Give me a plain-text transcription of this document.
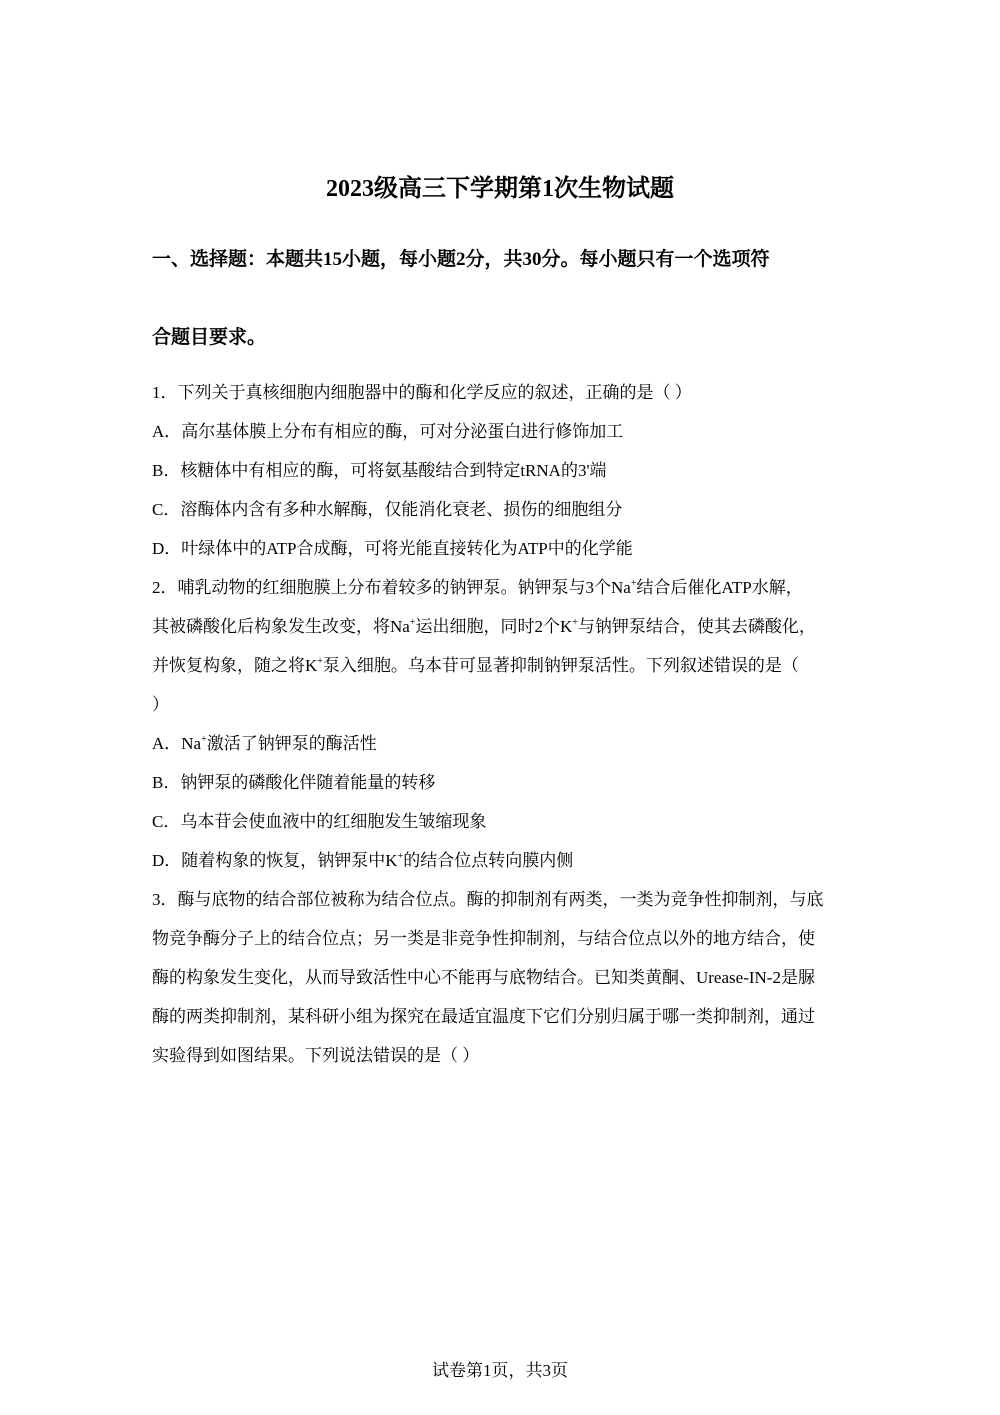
2023级高三下学期第1次生物试题
一、选择题：本题共15小题，每小题2分，共30分。每小题只有一个选项符
合题目要求。
1．下列关于真核细胞内细胞器中的酶和化学反应的叙述，正确的是（ ）
A．高尔基体膜上分布有相应的酶，可对分泌蛋白进行修饰加工
B．核糖体中有相应的酶，可将氨基酸结合到特定tRNA的3'端
C．溶酶体内含有多种水解酶，仅能消化衰老、损伤的细胞组分
D．叶绿体中的ATP合成酶，可将光能直接转化为ATP中的化学能
2．哺乳动物的红细胞膜上分布着较多的钠钾泵。钠钾泵与3个Na+结合后催化ATP水解，
其被磷酸化后构象发生改变，将Na+运出细胞，同时2个K+与钠钾泵结合，使其去磷酸化，
并恢复构象，随之将K+泵入细胞。乌本苷可显著抑制钠钾泵活性。下列叙述错误的是（
）
A．Na+激活了钠钾泵的酶活性
B．钠钾泵的磷酸化伴随着能量的转移
C．乌本苷会使血液中的红细胞发生皱缩现象
D．随着构象的恢复，钠钾泵中K+的结合位点转向膜内侧
3．酶与底物的结合部位被称为结合位点。酶的抑制剂有两类，一类为竞争性抑制剂，与底
物竞争酶分子上的结合位点；另一类是非竞争性抑制剂，与结合位点以外的地方结合，使
酶的构象发生变化，从而导致活性中心不能再与底物结合。已知类黄酮、Urease-IN-2是脲
酶的两类抑制剂，某科研小组为探究在最适宜温度下它们分别归属于哪一类抑制剂，通过
实验得到如图结果。下列说法错误的是（ ）
试卷第1页，共3页
